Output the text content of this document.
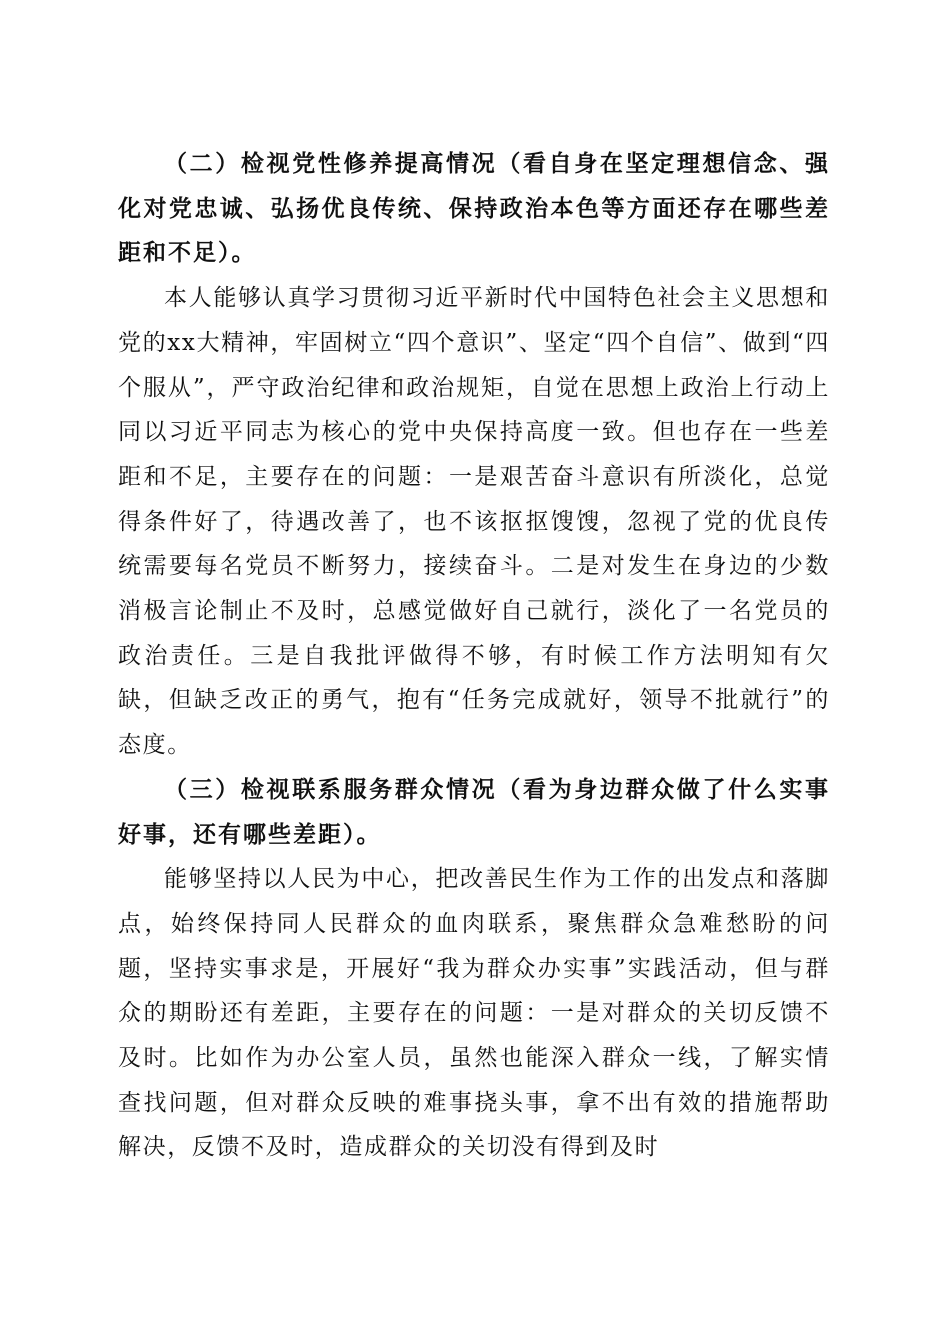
（二）检视党性修养提高情况（看自身在坚定理想信念、强化对党忠诚、弘扬优良传统、保持政治本色等方面还存在哪些差距和不足）。

本人能够认真学习贯彻习近平新时代中国特色社会主义思想和党的xx大精神，牢固树立“四个意识”、坚定“四个自信”、做到“四个服从”，严守政治纪律和政治规矩，自觉在思想上政治上行动上同以习近平同志为核心的党中央保持高度一致。但也存在一些差距和不足，主要存在的问题：一是艰苦奋斗意识有所淡化，总觉得条件好了，待遇改善了，也不该抠抠馊馊，忽视了党的优良传统需要每名党员不断努力，接续奋斗。二是对发生在身边的少数消极言论制止不及时，总感觉做好自己就行，淡化了一名党员的政治责任。三是自我批评做得不够，有时候工作方法明知有欠缺，但缺乏改正的勇气，抱有“任务完成就好，领导不批就行”的态度。

（三）检视联系服务群众情况（看为身边群众做了什么实事好事，还有哪些差距）。

能够坚持以人民为中心，把改善民生作为工作的出发点和落脚点，始终保持同人民群众的血肉联系，聚焦群众急难愁盼的问题，坚持实事求是，开展好“我为群众办实事”实践活动，但与群众的期盼还有差距，主要存在的问题：一是对群众的关切反馈不及时。比如作为办公室人员，虽然也能深入群众一线，了解实情查找问题，但对群众反映的难事挠头事，拿不出有效的措施帮助解决，反馈不及时，造成群众的关切没有得到及时
